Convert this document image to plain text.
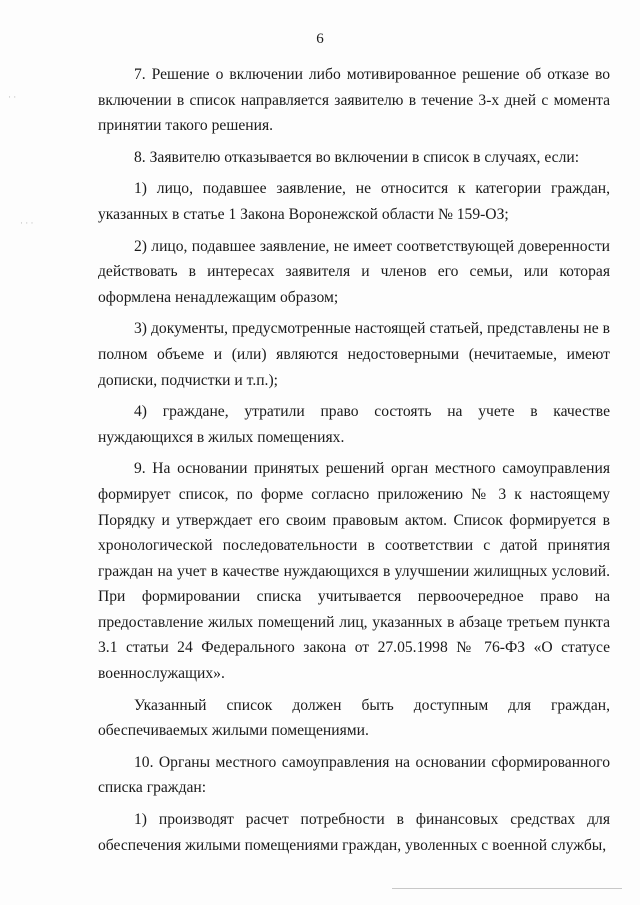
6

7. Решение о включении либо мотивированное решение об отказе во включении в список направляется заявителю в течение 3-х дней с момента принятии такого решения.

8. Заявителю отказывается во включении в список в случаях, если:

1) лицо, подавшее заявление, не относится к категории граждан, указанных в статье 1 Закона Воронежской области № 159-ОЗ;

2) лицо, подавшее заявление, не имеет соответствующей доверенности действовать в интересах заявителя и членов его семьи, или которая оформлена ненадлежащим образом;

3) документы, предусмотренные настоящей статьей, представлены не в полном объеме и (или) являются недостоверными (нечитаемые, имеют дописки, подчистки и т.п.);

4) граждане, утратили право состоять на учете в качестве нуждающихся в жилых помещениях.

9. На основании принятых решений орган местного самоуправления формирует список, по форме согласно приложению № 3 к настоящему Порядку и утверждает его своим правовым актом. Список формируется в хронологической последовательности в соответствии с датой принятия граждан на учет в качестве нуждающихся в улучшении жилищных условий. При формировании списка учитывается первоочередное право на предоставление жилых помещений лиц, указанных в абзаце третьем пункта 3.1 статьи 24 Федерального закона от 27.05.1998 № 76-ФЗ «О статусе военнослужащих».

Указанный список должен быть доступным для граждан, обеспечиваемых жилыми помещениями.

10. Органы местного самоуправления на основании сформированного списка граждан:

1) производят расчет потребности в финансовых средствах для обеспечения жилыми помещениями граждан, уволенных с военной службы,

· ·
· · ·
